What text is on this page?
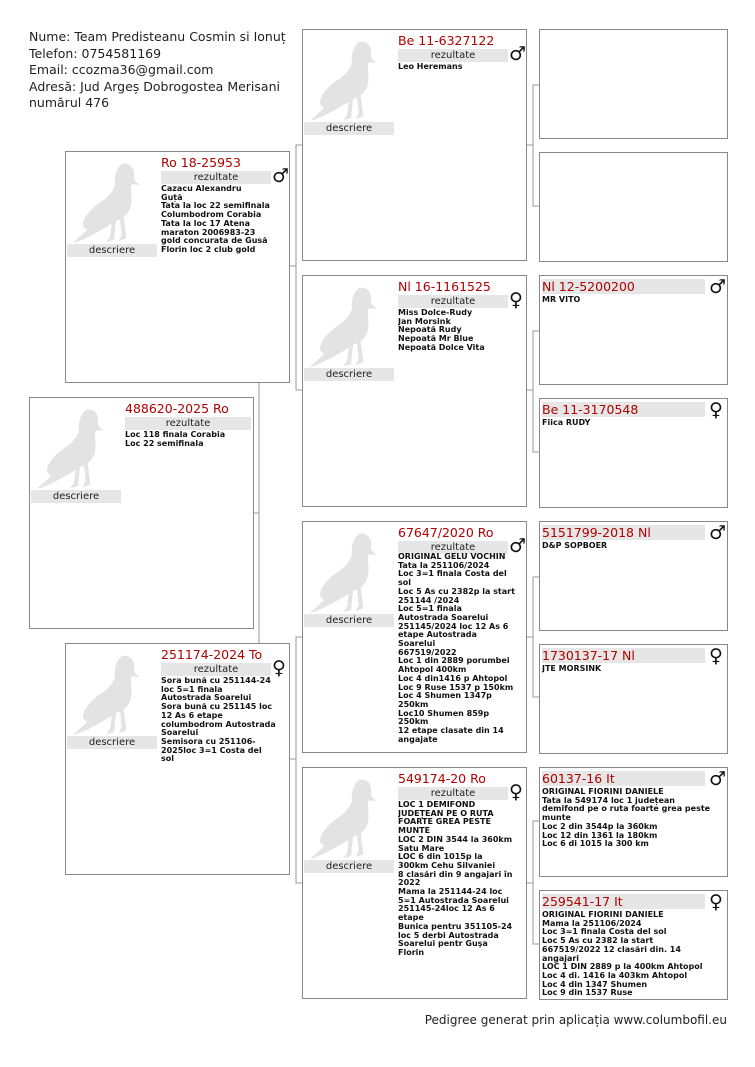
Nume: Team Predisteanu Cosmin si Ionuț
Telefon: 0754581169
Email: ccozma36@gmail.com
Adresă: Jud Argeș Dobrogostea Merisani
numărul 476
descriere
488620-2025 Ro
rezultate
Loc 118 finala Corabia
Loc 22 semifinala
descriere
Ro 18-25953
rezultate	♂
Cazacu Alexandru
Guță
Tata la loc 22 semifinala
Columbodrom Corabia
Tata la loc 17 Atena
maraton 2006983-23
gold concurata de Gusă
Florin loc 2 club gold
descriere
251174-2024 To
rezultate	♀
Sora bună cu 251144-24
loc 5=1 finala
Autostrada Soarelui
Sora bună cu 251145 loc
12 As 6 etape
columbodrom Autostrada
Soarelui
Semisora cu 251106-
2025loc 3=1 Costa del
sol
descriere
Be 11-6327122
rezultate	♂
Leo Heremans
descriere
Nl 16-1161525
rezultate	♀
Miss Dolce-Rudy
Jan Morsink
Nepoată Rudy
Nepoată Mr Blue
Nepoată Dolce Vita
descriere
67647/2020 Ro
rezultate	♂
ORIGINAL GELU VOCHIN
Tata la 251106/2024
Loc 3=1 finala Costa del
sol
Loc 5 As cu 2382p la start
251144 /2024
Loc 5=1 finala
Autostrada Soarelui
251145/2024 loc 12 As 6
etape Autostrada
Soarelui
667519/2022
Loc 1 din 2889 porumbei
Ahtopol 400km
Loc 4 din1416 p Ahtopol
Loc 9 Ruse 1537 p 150km
Loc 4 Shumen 1347p
250km
Loc10 Shumen 859p
250km
12 etape clasate din 14
angajate
descriere
549174-20 Ro
rezultate	♀
LOC 1 DEMIFOND
JUDEȚEAN PE O RUTA
FOARTE GREA PESTE
MUNTE
LOC 2 DIN 3544 la 360km
Satu Mare
LOC 6 din 1015p la
300km Cehu Silvaniei
8 clasări din 9 angajari în
2022
Mama la 251144-24 loc
5=1 Autostrada Soarelui
251145-24loc 12 As 6
etape
Bunica pentru 351105-24
loc 5 derbi Autostrada
Soarelui pentr Guşa
Florin
Nl 12-5200200	♂
MR VITO
Be 11-3170548	♀
Fiica RUDY
5151799-2018 Nl	♂
D&P SOPBOER
1730137-17 Nl	♀
JTE MORSINK
60137-16 It	♂
ORIGINAL FIORINI DANIELE
Tata la 549174 loc 1 județean
demifond pe o ruta foarte grea peste
munte
Loc 2 din 3544p la 360km
Loc 12 din 1361 la 180km
Loc 6 di 1015 la 300 km
259541-17 It	♀
ORIGINAL FIORINI DANIELE
Mama la 251106/2024
Loc 3=1 finala Costa del sol
Loc 5 As cu 2382 la start
667519/2022 12 clasări din. 14
angajari
LOC 1 DIN 2889 p la 400km Ahtopol
Loc 4 di. 1416 la 403km Ahtopol
Loc 4 din 1347 Shumen
Loc 9 din 1537 Ruse
Pedigree generat prin aplicația www.columbofil.eu
